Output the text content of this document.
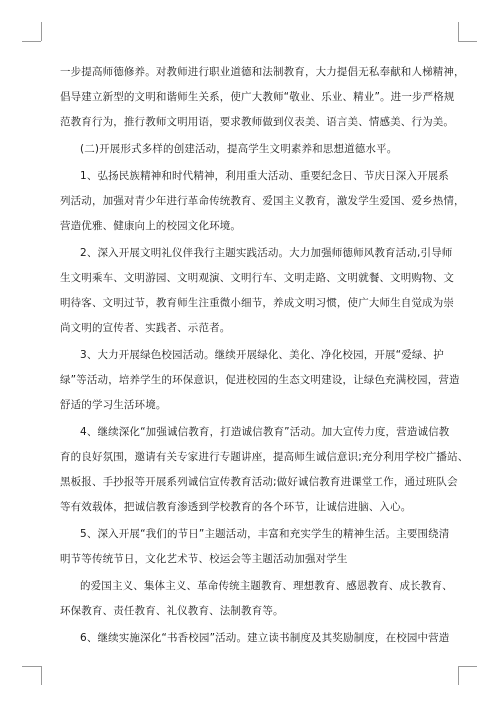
一步提高师德修养。对教师进行职业道德和法制教育，大力提倡无私奉献和人梯精神，
倡导建立新型的文明和谐师生关系，使广大教师“敬业、乐业、精业”。进一步严格规
范教育行为，推行教师文明用语，要求教师做到仪表美、语言美、情感美、行为美。
(二)开展形式多样的创建活动，提高学生文明素养和思想道德水平。
1、弘扬民族精神和时代精神，利用重大活动、重要纪念日、节庆日深入开展系
列活动，加强对青少年进行革命传统教育、爱国主义教育，激发学生爱国、爱乡热情，
营造优雅、健康向上的校园文化环境。
2、深入开展文明礼仪伴我行主题实践活动。大力加强师德师风教育活动,引导师
生文明乘车、文明游园、文明观演、文明行车、文明走路、文明就餐、文明购物、文
明待客、文明过节，教育师生注重微小细节，养成文明习惯，使广大师生自觉成为崇
尚文明的宣传者、实践者、示范者。
3、大力开展绿色校园活动。继续开展绿化、美化、净化校园，开展“爱绿、护
绿”等活动，培养学生的环保意识，促进校园的生态文明建设，让绿色充满校园，营造
舒适的学习生活环境。
4、继续深化“加强诚信教育，打造诚信教育”活动。加大宣传力度，营造诚信教
育的良好氛围，邀请有关专家进行专题讲座，提高师生诚信意识;充分利用学校广播站、
黑板报、手抄报等开展系列诚信宣传教育活动;做好诚信教育进课堂工作，通过班队会
等有效载体，把诚信教育渗透到学校教育的各个环节，让诚信进脑、入心。
5、深入开展“我们的节日”主题活动，丰富和充实学生的精神生活。主要围绕清
明节等传统节日，文化艺术节、校运会等主题活动加强对学生
的爱国主义、集体主义、革命传统主题教育、理想教育、感恩教育、成长教育、
环保教育、责任教育、礼仪教育、法制教育等。
6、继续实施深化“书香校园”活动。建立读书制度及其奖励制度，在校园中营造
